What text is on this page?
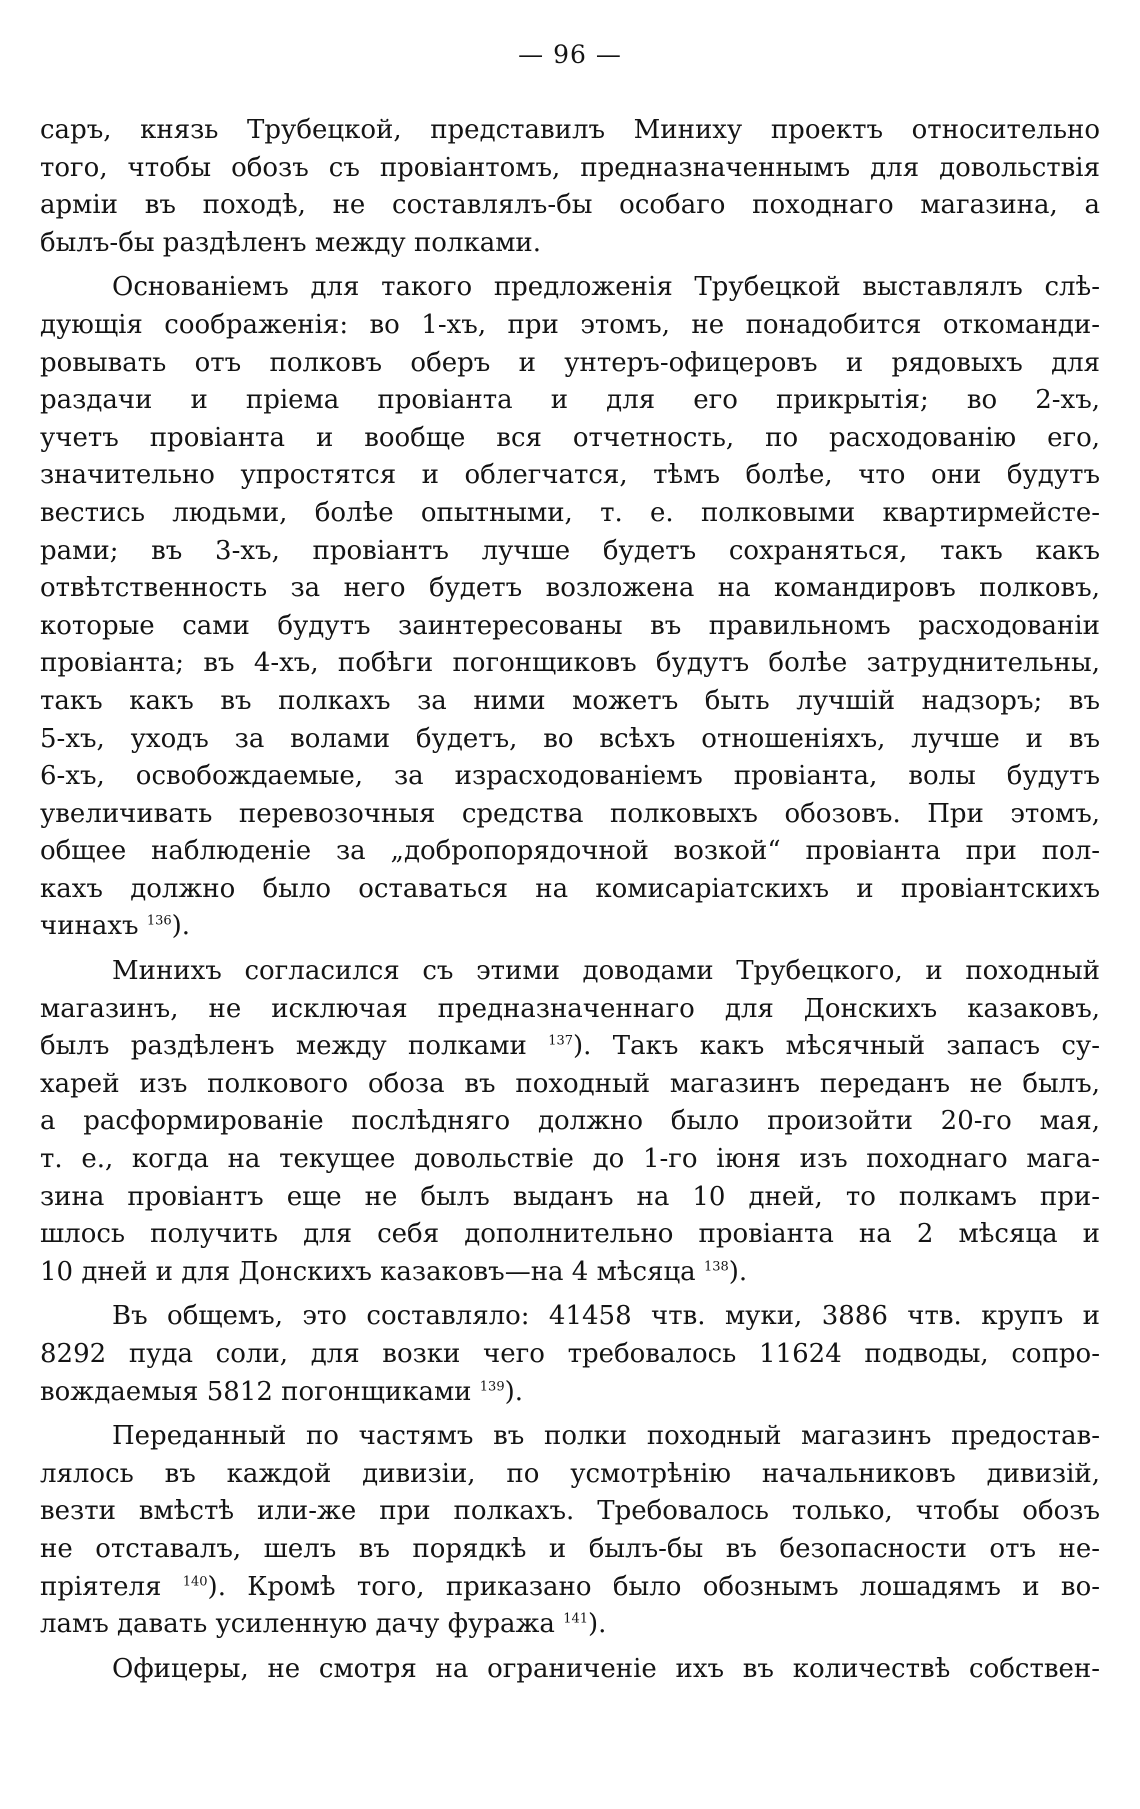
— 96 —

саръ, князь Трубецкой, представилъ Миниху проектъ относительно
того, чтобы обозъ съ провіантомъ, предназначеннымъ для довольствія
арміи въ походѣ, не составлялъ-бы особаго походнаго магазина, а
былъ-бы раздѣленъ между полками.

Основаніемъ для такого предложенія Трубецкой выставлялъ слѣ-
дующія соображенія: во 1-хъ, при этомъ, не понадобится откоманди-
ровывать отъ полковъ оберъ и унтеръ-офицеровъ и рядовыхъ для
раздачи и пріема провіанта и для его прикрытія; во 2-хъ,
учетъ провіанта и вообще вся отчетность, по расходованію его,
значительно упростятся и облегчатся, тѣмъ болѣе, что они будутъ
вестись людьми, болѣе опытными, т. е. полковыми квартирмейсте-
рами; въ 3-хъ, провіантъ лучше будетъ сохраняться, такъ какъ
отвѣтственность за него будетъ возложена на командировъ полковъ,
которые сами будутъ заинтересованы въ правильномъ расходованіи
провіанта; въ 4-хъ, побѣги погонщиковъ будутъ болѣе затруднительны,
такъ какъ въ полкахъ за ними можетъ быть лучшій надзоръ; въ
5-хъ, уходъ за волами будетъ, во всѣхъ отношеніяхъ, лучше и въ
6-хъ, освобождаемые, за израсходованіемъ провіанта, волы будутъ
увеличивать перевозочныя средства полковыхъ обозовъ. При этомъ,
общее наблюденіе за „добропорядочной возкой“ провіанта при пол-
кахъ должно было оставаться на комисаріатскихъ и провіантскихъ
чинахъ $^{136}$).

Минихъ согласился съ этими доводами Трубецкого, и походный
магазинъ, не исключая предназначеннаго для Донскихъ казаковъ,
былъ раздѣленъ между полками $^{137}$). Такъ какъ мѣсячный запасъ су-
харей изъ полкового обоза въ походный магазинъ переданъ не былъ,
а расформированіе послѣдняго должно было произойти 20-го мая,
т. е., когда на текущее довольствіе до 1-го іюня изъ походнаго мага-
зина провіантъ еще не былъ выданъ на 10 дней, то полкамъ при-
шлось получить для себя дополнительно провіанта на 2 мѣсяца и
10 дней и для Донскихъ казаковъ—на 4 мѣсяца $^{138}$).

Въ общемъ, это составляло: 41458 чтв. муки, 3886 чтв. крупъ и
8292 пуда соли, для возки чего требовалось 11624 подводы, сопро-
вождаемыя 5812 погонщиками $^{139}$).

Переданный по частямъ въ полки походный магазинъ предостав-
лялось въ каждой дивизіи, по усмотрѣнію начальниковъ дивизій,
везти вмѣстѣ или-же при полкахъ. Требовалось только, чтобы обозъ
не отставалъ, шелъ въ порядкѣ и былъ-бы въ безопасности отъ не-
пріятеля $^{140}$). Кромѣ того, приказано было обознымъ лошадямъ и во-
ламъ давать усиленную дачу фуража $^{141}$).

Офицеры, не смотря на ограниченіе ихъ въ количествѣ собствен-
